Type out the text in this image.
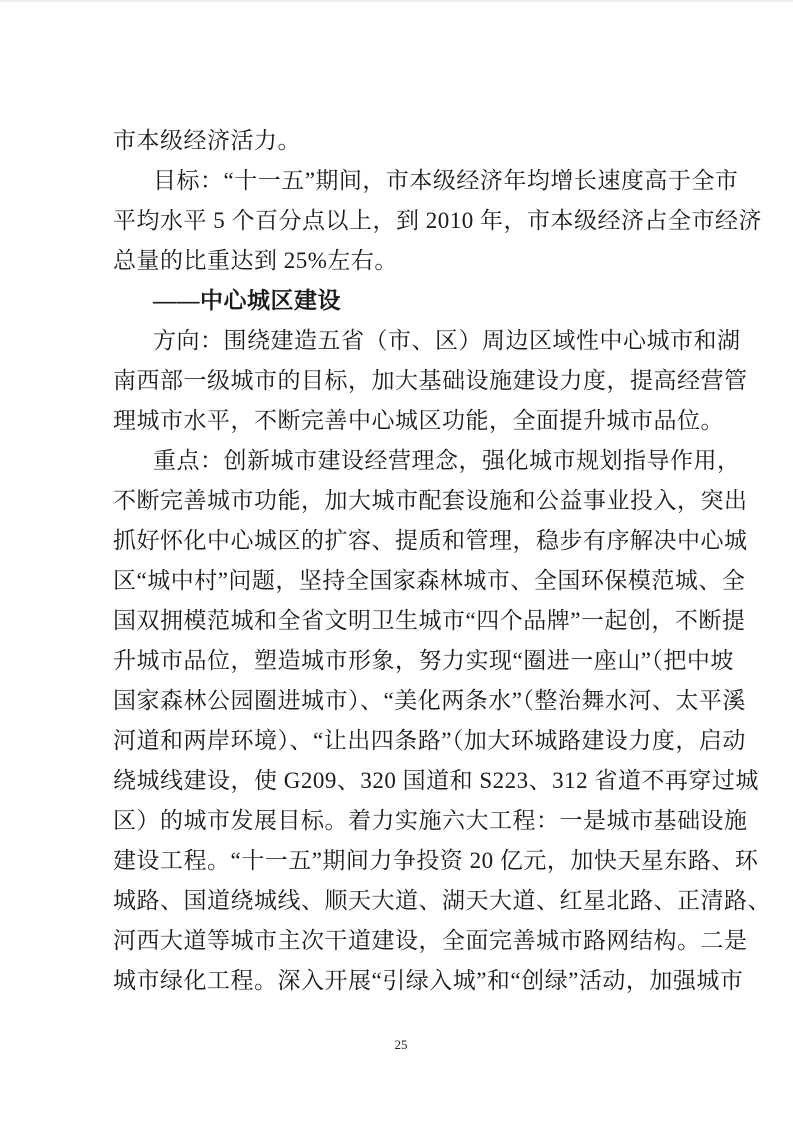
市本级经济活力。
目标：“十一五”期间，市本级经济年均增长速度高于全市
平均水平 5 个百分点以上，到 2010 年，市本级经济占全市经济
总量的比重达到 25%左右。
——中心城区建设
方向：围绕建造五省（市、区）周边区域性中心城市和湖
南西部一级城市的目标，加大基础设施建设力度，提高经营管
理城市水平，不断完善中心城区功能，全面提升城市品位。
重点：创新城市建设经营理念，强化城市规划指导作用，
不断完善城市功能，加大城市配套设施和公益事业投入，突出
抓好怀化中心城区的扩容、提质和管理，稳步有序解决中心城
区“城中村”问题，坚持全国家森林城市、全国环保模范城、全
国双拥模范城和全省文明卫生城市“四个品牌”一起创，不断提
升城市品位，塑造城市形象，努力实现“圈进一座山”（把中坡
国家森林公园圈进城市）、“美化两条水”（整治舞水河、太平溪
河道和两岸环境）、“让出四条路”（加大环城路建设力度，启动
绕城线建设，使 G209、320 国道和 S223、312 省道不再穿过城
区）的城市发展目标。着力实施六大工程：一是城市基础设施
建设工程。“十一五”期间力争投资 20 亿元，加快天星东路、环
城路、国道绕城线、顺天大道、湖天大道、红星北路、正清路、
河西大道等城市主次干道建设，全面完善城市路网结构。二是
城市绿化工程。深入开展“引绿入城”和“创绿”活动，加强城市
25
